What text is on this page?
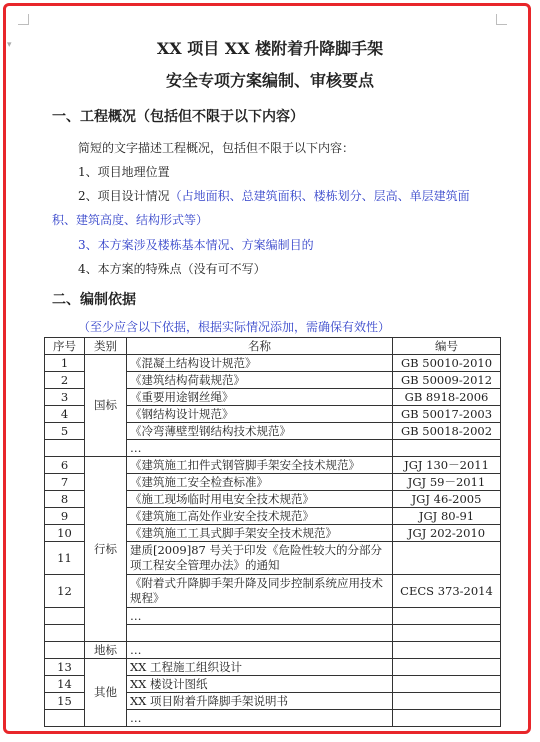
▾	XX 项目 XX 楼附着升降脚手架
安全专项方案编制、审核要点
一、工程概况（包括但不限于以下内容）
简短的文字描述工程概况，包括但不限于以下内容：
1、项目地理位置
2、项目设计情况（占地面积、总建筑面积、楼栋划分、层高、单层建筑面
积、建筑高度、结构形式等）
3、本方案涉及楼栋基本情况、方案编制目的
4、本方案的特殊点（没有可不写）
二、编制依据
（至少应含以下依据，根据实际情况添加，需确保有效性）
序号	类别	名称	编号
1	国标	《混凝土结构设计规范》	GB 50010-2010
2		《建筑结构荷载规范》	GB 50009-2012
3		《重要用途钢丝绳》	GB 8918-2006
4		《钢结构设计规范》	GB 50017-2003
5		《冷弯薄壁型钢结构技术规范》	GB 50018-2002
		…	
6	行标	《建筑施工扣件式钢管脚手架安全技术规范》	JGJ 130－2011
7		《建筑施工安全检查标准》	JGJ 59－2011
8		《施工现场临时用电安全技术规范》	JGJ 46-2005
9		《建筑施工高处作业安全技术规范》	JGJ 80-91
10		《建筑施工工具式脚手架安全技术规范》	JGJ 202-2010
11		建质[2009]87 号关于印发《危险性较大的分部分项工程安全管理办法》的通知	
12		《附着式升降脚手架升降及同步控制系统应用技术规程》	CECS 373-2014
		…	

	地标	…	
13	其他	XX 工程施工组织设计	
14		XX 楼设计图纸	
15		XX 项目附着升降脚手架说明书	
		…	
